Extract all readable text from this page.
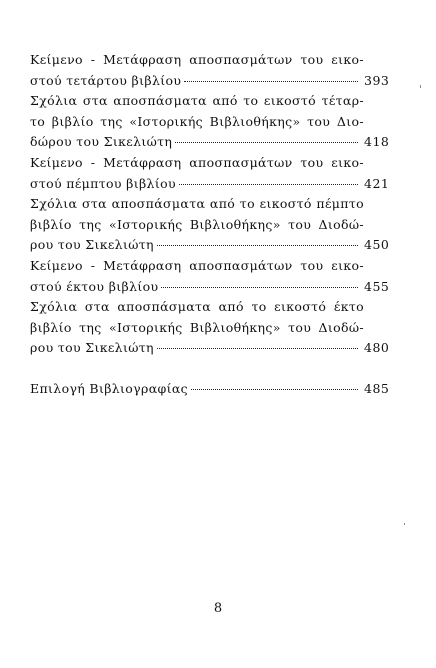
Κείμενο - Μετάφραση αποσπασμάτων του εικο-
στού τετάρτου βιβλίου	393
Σχόλια στα αποσπάσματα από το εικοστό τέταρ-
το βιβλίο της «Ιστορικής Βιβλιοθήκης» του Διο-
δώρου του Σικελιώτη	418
Κείμενο - Μετάφραση αποσπασμάτων του εικο-
στού πέμπτου βιβλίου	421
Σχόλια στα αποσπάσματα από το εικοστό πέμπτο
βιβλίο της «Ιστορικής Βιβλιοθήκης» του Διοδώ-
ρου του Σικελιώτη	450
Κείμενο - Μετάφραση αποσπασμάτων του εικο-
στού έκτου βιβλίου	455
Σχόλια στα αποσπάσματα από το εικοστό έκτο
βιβλίο της «Ιστορικής Βιβλιοθήκης» του Διοδώ-
ρου του Σικελιώτη	480
Επιλογή Βιβλιογραφίας	485
8
